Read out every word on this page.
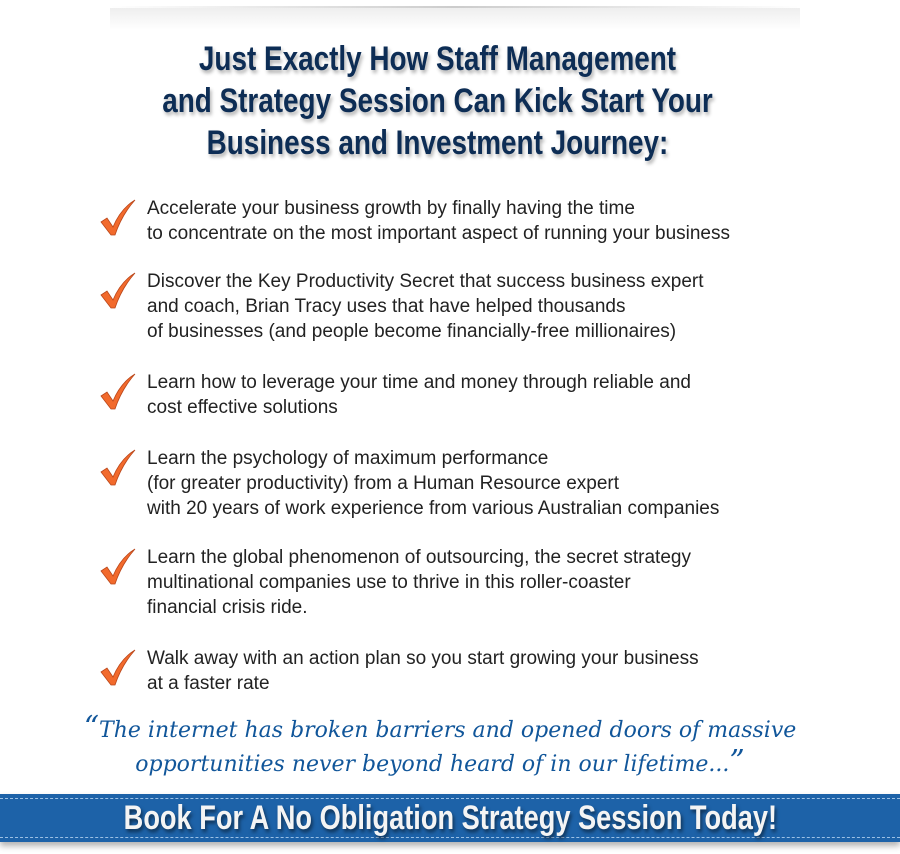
Just Exactly How Staff Management
and Strategy Session Can Kick Start Your
Business and Investment Journey:
Accelerate your business growth by finally having the time
to concentrate on the most important aspect of running your business
Discover the Key Productivity Secret that success business expert
and coach, Brian Tracy uses that have helped thousands
of businesses (and people become financially-free millionaires)
Learn how to leverage your time and money through reliable and
cost effective solutions
Learn the psychology of maximum performance
(for greater productivity) from a Human Resource expert
with 20 years of work experience from various Australian companies
Learn the global phenomenon of outsourcing, the secret strategy
multinational companies use to thrive in this roller-coaster
financial crisis ride.
Walk away with an action plan so you start growing your business
at a faster rate
“The internet has broken barriers and opened doors of massive
opportunities never beyond heard of in our lifetime...”
Book For A No Obligation Strategy Session Today!
